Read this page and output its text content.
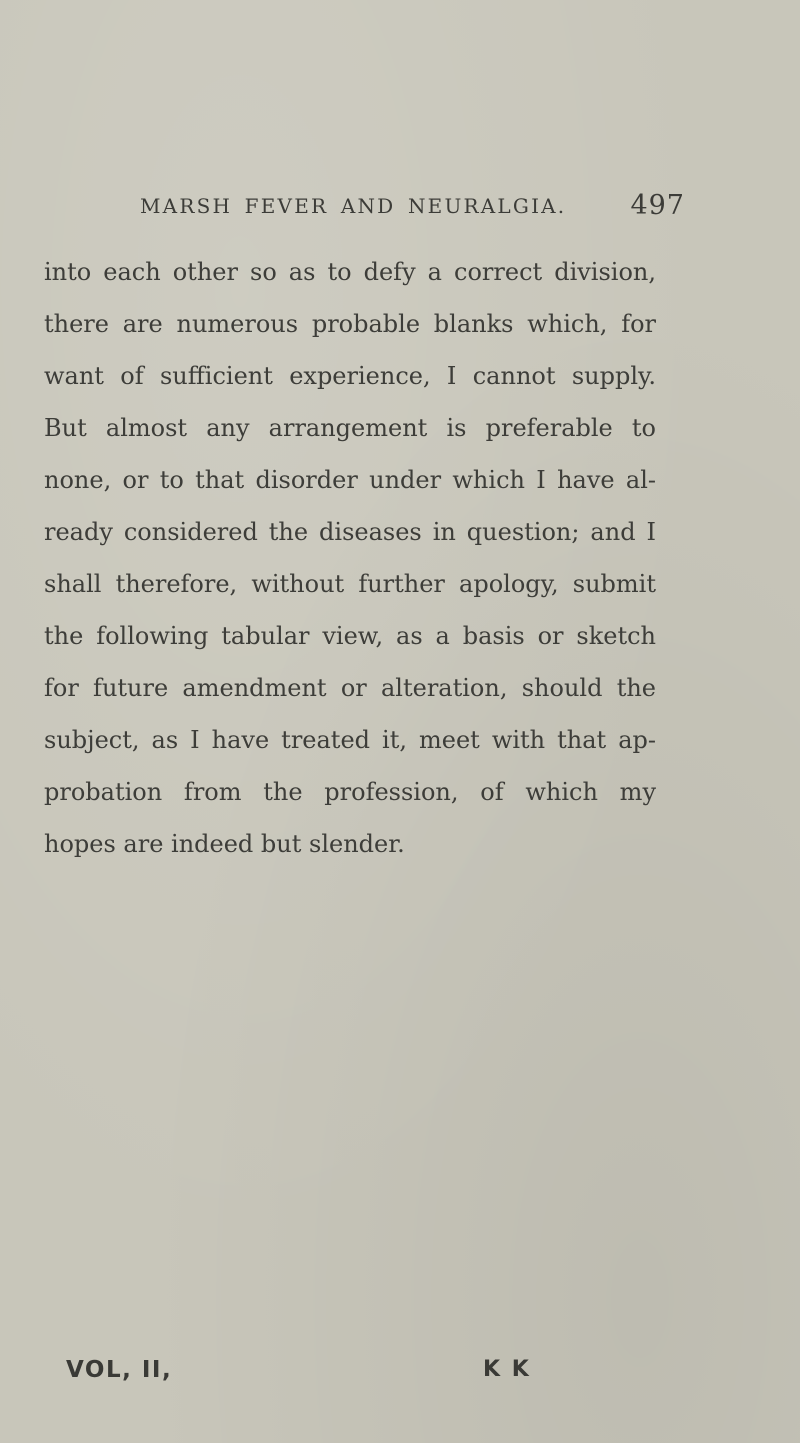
MARSH FEVER AND NEURALGIA. 497
into each other so as to defy a correct division,
there are numerous probable blanks which, for
want of sufficient experience, I cannot supply.
But almost any arrangement is preferable to
none, or to that disorder under which I have al-
ready considered the diseases in question; and I
shall therefore, without further apology, submit
the following tabular view, as a basis or sketch
for future amendment or alteration, should the
subject, as I have treated it, meet with that ap-
probation from the profession, of which my
hopes are indeed but slender.
VOL, II,	K K
